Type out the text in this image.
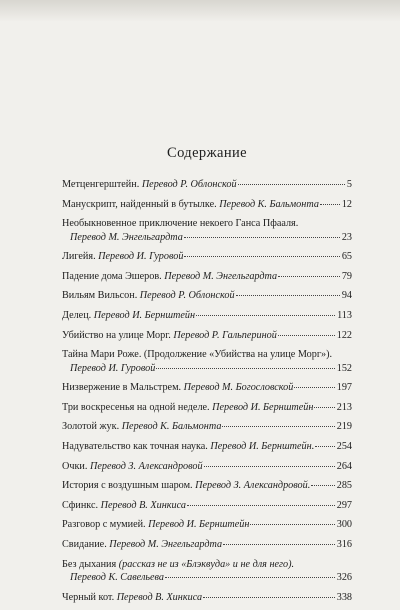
Содержание
Метценгерштейн. Перевод Р. Облонской	5
Манускрипт, найденный в бутылке. Перевод К. Бальмонта 12
Необыкновенное приключение некоего Ганса Пфааля.
Перевод М. Энгельгардта	23
Лигейя. Перевод И. Гуровой	65
Падение дома Эшеров. Перевод М. Энгельгардта	79
Вильям Вильсон. Перевод Р. Облонской	94
Делец. Перевод И. Бернштейн	113
Убийство на улице Морг. Перевод Р. Гальпериной	122
Тайна Мари Роже. (Продолжение «Убийства на улице Морг»).
Перевод И. Гуровой	152
Низвержение в Мальстрем. Перевод М. Богословской	197
Три воскресенья на одной неделе. Перевод И. Бернштейн 213
Золотой жук. Перевод К. Бальмонта	219
Надувательство как точная наука. Перевод И. Бернштейн. 254
Очки. Перевод З. Александровой	264
История с воздушным шаром. Перевод З. Александровой.	285
Сфинкс. Перевод В. Хинкиса	297
Разговор с мумией. Перевод И. Бернштейн	300
Свидание. Перевод М. Энгельгардта	316
Без дыхания (рассказ не из «Блэквуда» и не для него).
Перевод К. Савельева	326
Черный кот. Перевод В. Хинкиса	338
